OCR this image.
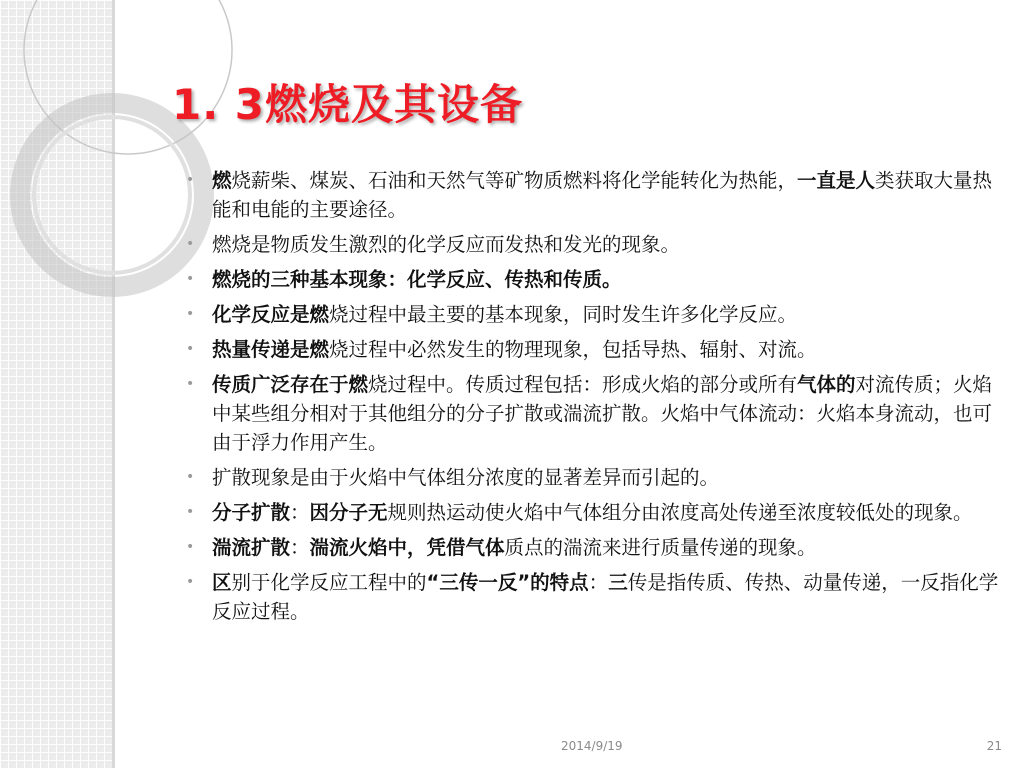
1. 3燃烧及其设备
• 燃烧薪柴、煤炭、石油和天然气等矿物质燃料将化学能转化为热能，一直是人类获取大量热能和电能的主要途径。
• 燃烧是物质发生激烈的化学反应而发热和发光的现象。
• 燃烧的三种基本现象：化学反应、传热和传质。
• 化学反应是燃烧过程中最主要的基本现象，同时发生许多化学反应。
• 热量传递是燃烧过程中必然发生的物理现象，包括导热、辐射、对流。
• 传质广泛存在于燃烧过程中。传质过程包括：形成火焰的部分或所有气体的对流传质；火焰中某些组分相对于其他组分的分子扩散或湍流扩散。火焰中气体流动：火焰本身流动，也可由于浮力作用产生。
• 扩散现象是由于火焰中气体组分浓度的显著差异而引起的。
• 分子扩散：因分子无规则热运动使火焰中气体组分由浓度高处传递至浓度较低处的现象。
• 湍流扩散：湍流火焰中，凭借气体质点的湍流来进行质量传递的现象。
• 区别于化学反应工程中的“三传一反”的特点：三传是指传质、传热、动量传递，一反指化学反应过程。
2014/9/19	21
